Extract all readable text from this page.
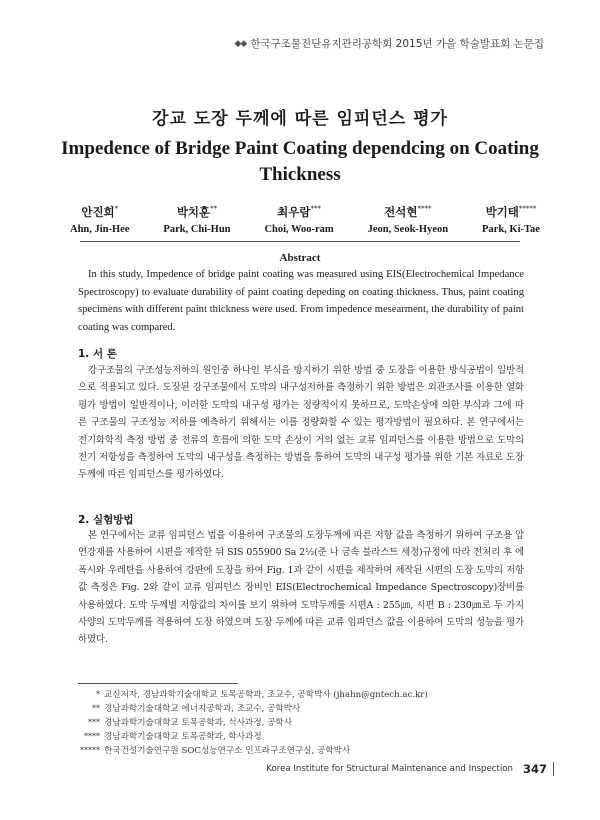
◆◆ 한국구조물진단유지관리공학회 2015년 가을 학술발표회 논문집
강교 도장 두께에 따른 임피던스 평가
Impedence of Bridge Paint Coating dependcing on Coating Thickness
안진희*
Ahn, Jin-Hee
박치훈**
Park, Chi-Hun
최우람***
Choi, Woo-ram
전석현****
Jeon, Seok-Hyeon
박기태*****
Park, Ki-Tae
Abstract

In this study, Impedence of bridge paint coating was measured using EIS(Electrochemical Impedance Spectroscopy) to evaluate durability of paint coating depeding on coating thickness. Thus, paint coating specimens with different paint thickness were used. From impedence mesearment, the durability of paint coating was compared.

1. 서 론

강구조물의 구조성능저하의 원인중 하나인 부식을 방지하기 위한 방법 중 도장을 이용한 방식공법이 일반적으로 적용되고 있다. 도장된 강구조물에서 도막의 내구성저하를 측정하기 위한 방법은 외관조사를 이용한 열화 평가 방법이 일반적이나, 이러한 도막의 내구성 평가는 정량적이지 못하므로, 도막손상에 의한 부식과 그에 따른 구조물의 구조성능 저하를 예측하기 위해서는 이를 정량화할 수 있는 평가방법이 필요하다. 본 연구에서는 전기화학적 측정 방법 중 전류의 흐름에 의한 도막 손상이 거의 없는 교류 임피던스를 이용한 방법으로 도막의 전기 저항성을 측정하여 도막의 내구성을 측정하는 방법을 통하여 도막의 내구성 평가를 위한 기본 자료로 도장두께에 따른 임피던스를 평가하였다.

2. 실험방법

본 연구에서는 교류 임피던스 법을 이용하여 구조물의 도장두께에 따른 저항 값을 측정하기 위하여 구조용 압연강재를 사용하여 시편을 제작한 뒤 SIS 055900 Sa 2½(준 나 금속 블라스트 세정)규정에 따라 전처리 후 에폭시와 우레탄을 사용하여 강판에 도장을 하여 Fig. 1과 같이 시편을 제작하며 제작된 시편의 도장 도막의 저항값 측정은 Fig. 2와 같이 교류 임피던스 장비인 EIS(Electrochemical Impedance Spectroscopy)장비를 사용하였다. 도막 두께별 저항값의 차이를 보기 위하여 도막두께를 시편A : 255㎛, 시편 B : 230㎛로 두 가지 사양의 도막두께를 적용하여 도장 하였으며 도장 두께에 따른 교류 임피던스 값을 이용하여 도막의 성능을 평가하였다.

* 교신저자, 경남과학기술대학교 토목공학과, 조교수, 공학박사 (jhahn@gntech.ac.kr)
** 경남과학기술대학교 에너지공학과, 조교수, 공학박사
*** 경남과학기술대학교 토목공학과, 석사과정, 공학사
**** 경남과학기술대학교 토목공학과, 학사과정
***** 한국건설기술연구원 SOC성능연구소 인프라구조연구실, 공학박사
Korea Institute for Structural Maintenance and Inspection 347
